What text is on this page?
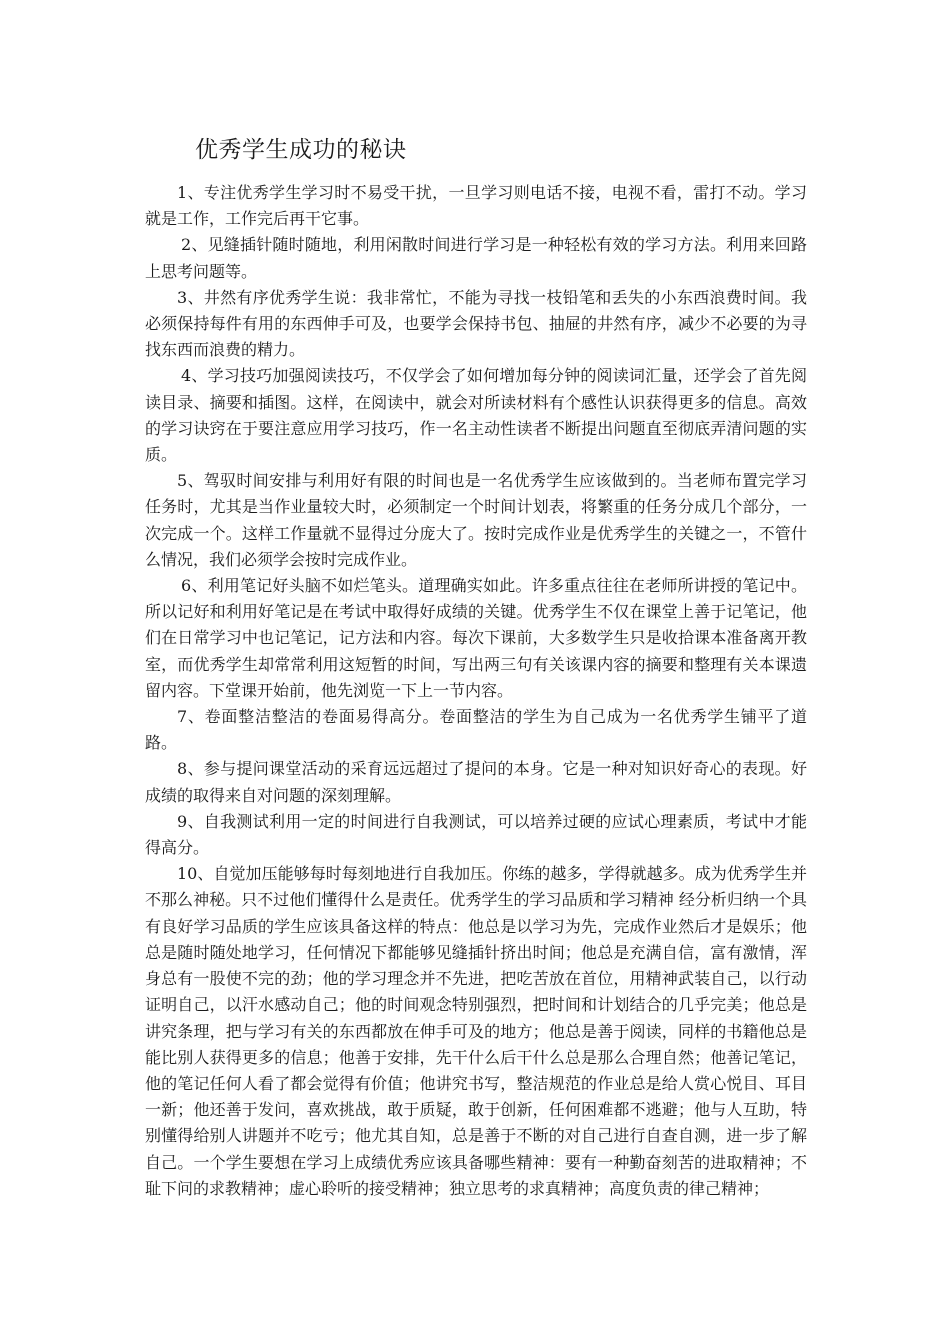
优秀学生成功的秘诀

1、专注优秀学生学习时不易受干扰，一旦学习则电话不接，电视不看，雷打不动。学习就是工作，工作完后再干它事。

2、见缝插针随时随地，利用闲散时间进行学习是一种轻松有效的学习方法。利用来回路上思考问题等。

3、井然有序优秀学生说：我非常忙，不能为寻找一枝铅笔和丢失的小东西浪费时间。我必须保持每件有用的东西伸手可及，也要学会保持书包、抽屉的井然有序，减少不必要的为寻找东西而浪费的精力。

4、学习技巧加强阅读技巧，不仅学会了如何增加每分钟的阅读词汇量，还学会了首先阅读目录、摘要和插图。这样，在阅读中，就会对所读材料有个感性认识获得更多的信息。高效的学习诀窍在于要注意应用学习技巧，作一名主动性读者不断提出问题直至彻底弄清问题的实质。

5、驾驭时间安排与利用好有限的时间也是一名优秀学生应该做到的。当老师布置完学习任务时，尤其是当作业量较大时，必须制定一个时间计划表，将繁重的任务分成几个部分，一次完成一个。这样工作量就不显得过分庞大了。按时完成作业是优秀学生的关键之一，不管什么情况，我们必须学会按时完成作业。

6、利用笔记好头脑不如烂笔头。道理确实如此。许多重点往往在老师所讲授的笔记中。所以记好和利用好笔记是在考试中取得好成绩的关键。优秀学生不仅在课堂上善于记笔记，他们在日常学习中也记笔记，记方法和内容。每次下课前，大多数学生只是收拾课本准备离开教室，而优秀学生却常常利用这短暂的时间，写出两三句有关该课内容的摘要和整理有关本课遗留内容。下堂课开始前，他先浏览一下上一节内容。

7、卷面整洁整洁的卷面易得高分。卷面整洁的学生为自己成为一名优秀学生铺平了道路。

8、参与提问课堂活动的采育远远超过了提问的本身。它是一种对知识好奇心的表现。好成绩的取得来自对问题的深刻理解。

9、自我测试利用一定的时间进行自我测试，可以培养过硬的应试心理素质，考试中才能得高分。

10、自觉加压能够每时每刻地进行自我加压。你练的越多，学得就越多。成为优秀学生并不那么神秘。只不过他们懂得什么是责任。优秀学生的学习品质和学习精神 经分析归纳一个具有良好学习品质的学生应该具备这样的特点：他总是以学习为先，完成作业然后才是娱乐；他总是随时随处地学习，任何情况下都能够见缝插针挤出时间；他总是充满自信，富有激情，浑身总有一股使不完的劲；他的学习理念并不先进，把吃苦放在首位，用精神武装自己，以行动证明自己，以汗水感动自己；他的时间观念特别强烈，把时间和计划结合的几乎完美；他总是讲究条理，把与学习有关的东西都放在伸手可及的地方；他总是善于阅读，同样的书籍他总是能比别人获得更多的信息；他善于安排，先干什么后干什么总是那么合理自然；他善记笔记，他的笔记任何人看了都会觉得有价值；他讲究书写，整洁规范的作业总是给人赏心悦目、耳目一新；他还善于发问，喜欢挑战，敢于质疑，敢于创新，任何困难都不逃避；他与人互助，特别懂得给别人讲题并不吃亏；他尤其自知，总是善于不断的对自己进行自查自测，进一步了解自己。一个学生要想在学习上成绩优秀应该具备哪些精神：要有一种勤奋刻苦的进取精神；不耻下问的求教精神；虚心聆听的接受精神；独立思考的求真精神；高度负责的律己精神；
